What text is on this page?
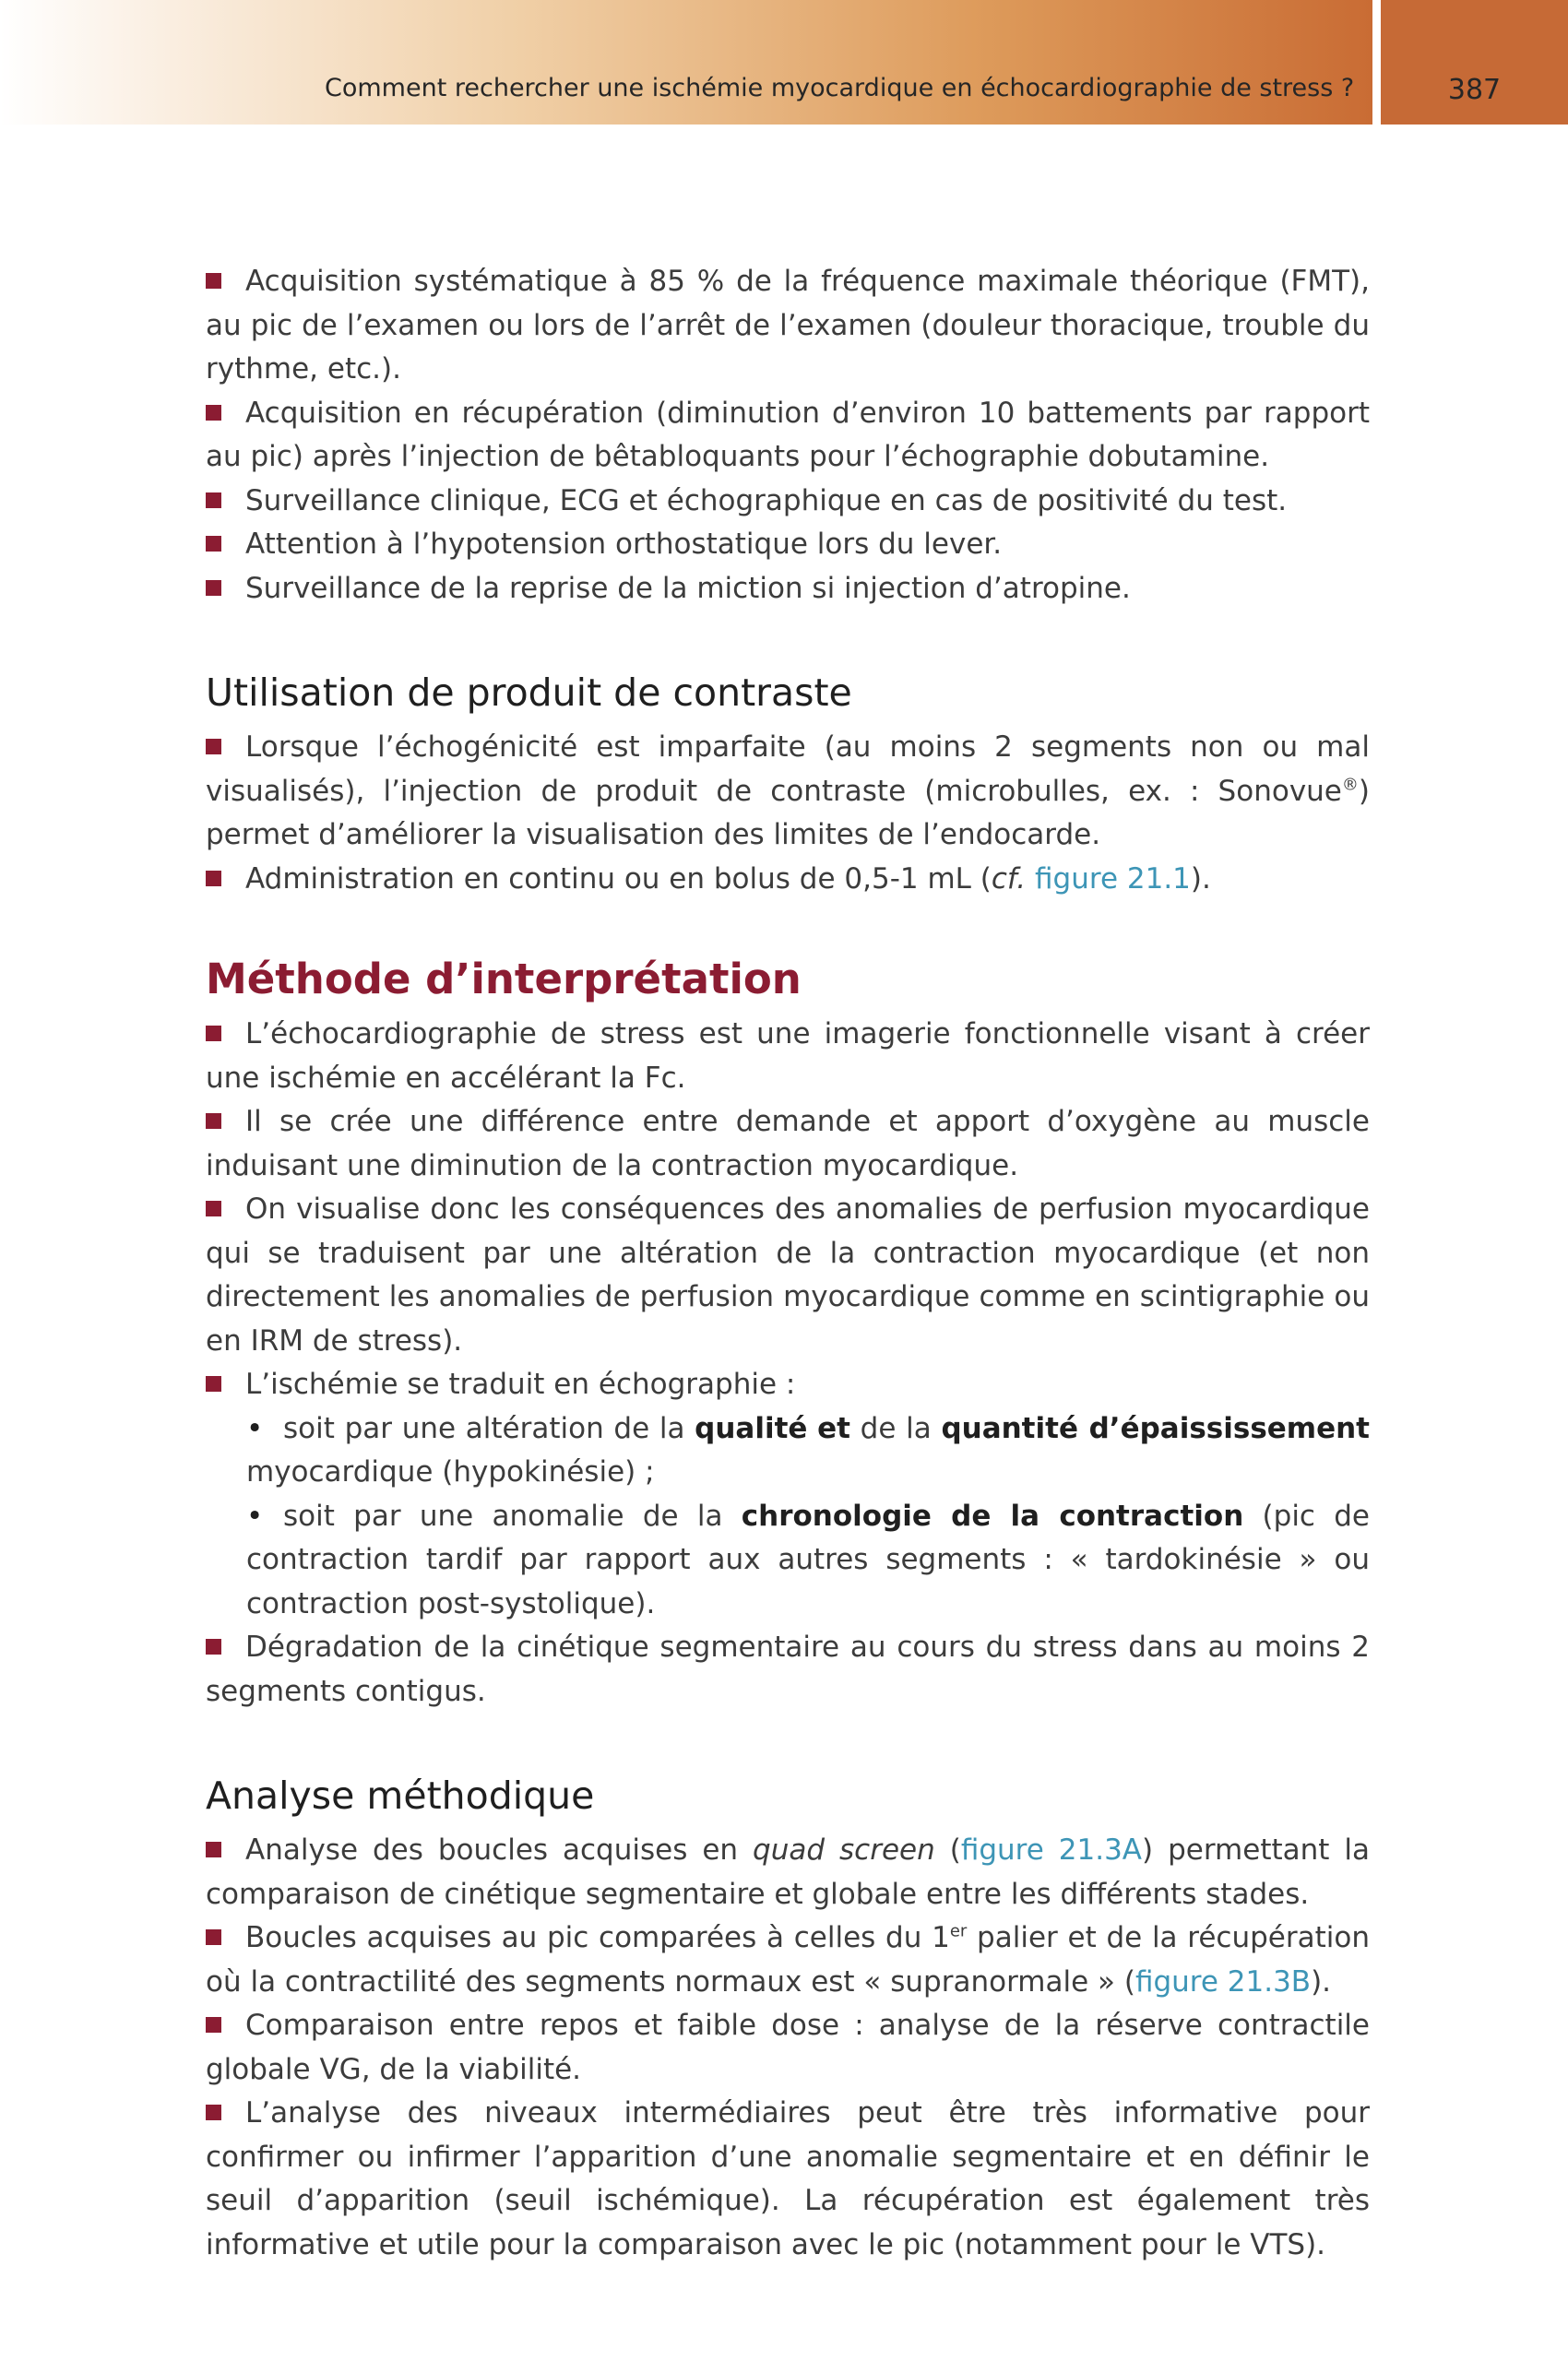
Comment rechercher une ischémie myocardique en échocardiographie de stress ?	387

Acquisition systématique à 85 % de la fréquence maximale théorique (FMT), au pic de l’examen ou lors de l’arrêt de l’examen (douleur thoracique, trouble du rythme, etc.).

Acquisition en récupération (diminution d’environ 10 battements par rapport au pic) après l’injection de bêtabloquants pour l’échographie dobutamine.

Surveillance clinique, ECG et échographique en cas de positivité du test.

Attention à l’hypotension orthostatique lors du lever.

Surveillance de la reprise de la miction si injection d’atropine.

Utilisation de produit de contraste

Lorsque l’échogénicité est imparfaite (au moins 2 segments non ou mal visualisés), l’injection de produit de contraste (microbulles, ex. : Sonovue®) permet d’améliorer la visualisation des limites de l’endocarde.

Administration en continu ou en bolus de 0,5-1 mL (cf. figure 21.1).

Méthode d’interprétation

L’échocardiographie de stress est une imagerie fonctionnelle visant à créer une ischémie en accélérant la Fc.

Il se crée une différence entre demande et apport d’oxygène au muscle induisant une diminution de la contraction myocardique.

On visualise donc les conséquences des anomalies de perfusion myocardique qui se traduisent par une altération de la contraction myocardique (et non directement les anomalies de perfusion myocardique comme en scintigraphie ou en IRM de stress).

L’ischémie se traduit en échographie :

• soit par une altération de la qualité et de la quantité d’épaississement myocardique (hypokinésie) ;

• soit par une anomalie de la chronologie de la contraction (pic de contraction tardif par rapport aux autres segments : « tardokinésie » ou contraction post-systolique).

Dégradation de la cinétique segmentaire au cours du stress dans au moins 2 segments contigus.

Analyse méthodique

Analyse des boucles acquises en quad screen (figure 21.3A) permettant la comparaison de cinétique segmentaire et globale entre les différents stades.

Boucles acquises au pic comparées à celles du 1er palier et de la récupération où la contractilité des segments normaux est « supranormale » (figure 21.3B).

Comparaison entre repos et faible dose : analyse de la réserve contractile globale VG, de la viabilité.

L’analyse des niveaux intermédiaires peut être très informative pour confirmer ou infirmer l’apparition d’une anomalie segmentaire et en définir le seuil d’apparition (seuil ischémique). La récupération est également très informative et utile pour la comparaison avec le pic (notamment pour le VTS).
